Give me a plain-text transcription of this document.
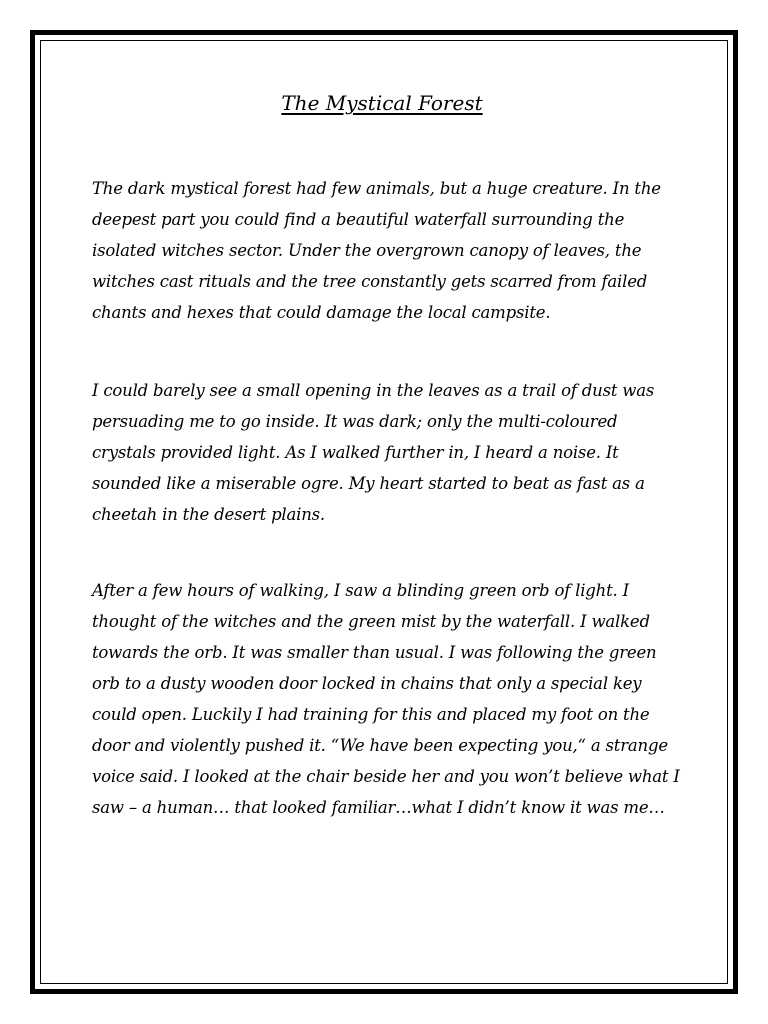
The Mystical Forest

The dark mystical forest had few animals, but a huge creature. In the deepest part you could find a beautiful waterfall surrounding the isolated witches sector. Under the overgrown canopy of leaves, the witches cast rituals and the tree constantly gets scarred from failed chants and hexes that could damage the local campsite.

I could barely see a small opening in the leaves as a trail of dust was persuading me to go inside. It was dark; only the multi-coloured crystals provided light. As I walked further in, I heard a noise. It sounded like a miserable ogre. My heart started to beat as fast as a cheetah in the desert plains.

After a few hours of walking, I saw a blinding green orb of light. I thought of the witches and the green mist by the waterfall. I walked towards the orb. It was smaller than usual. I was following the green orb to a dusty wooden door locked in chains that only a special key could open. Luckily I had training for this and placed my foot on the door and violently pushed it. “We have been expecting you,“ a strange voice said. I looked at the chair beside her and you won’t believe what I saw – a human… that looked familiar…what I didn’t know it was me…
